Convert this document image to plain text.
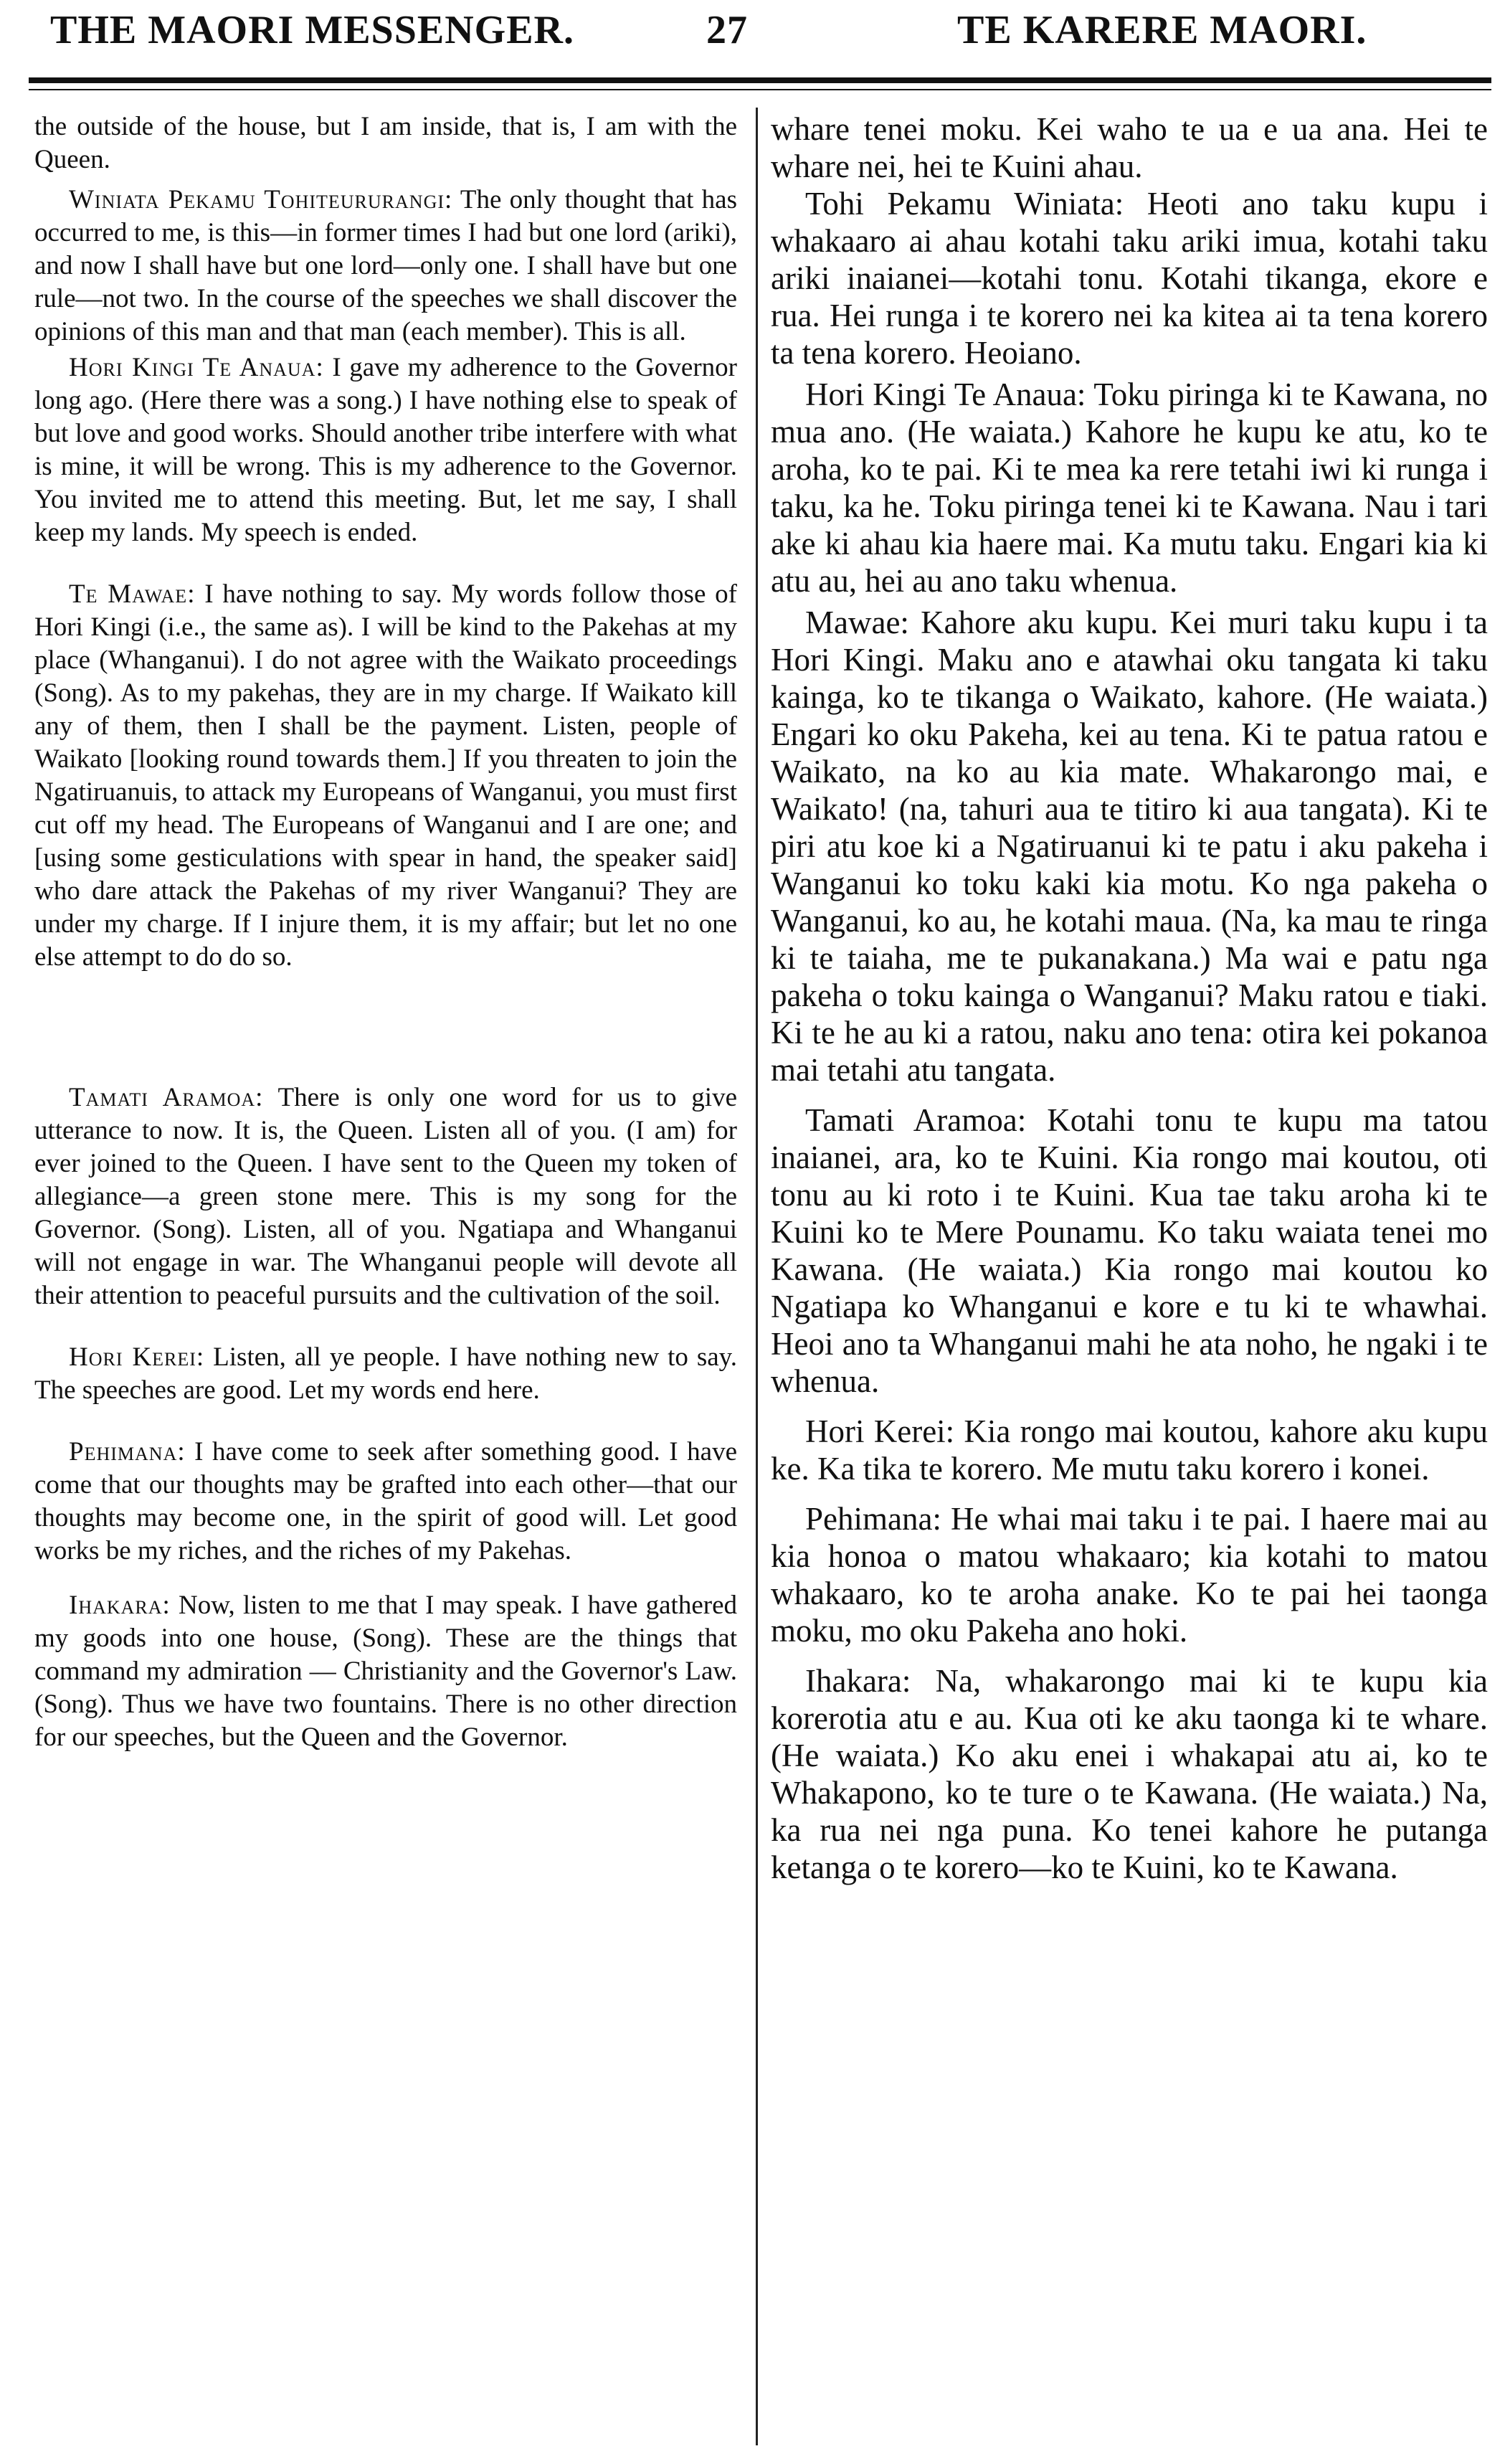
THE MAORI MESSENGER.	27	TE KARERE MAORI.

the outside of the house, but I am inside, that is, I am with the Queen.

Winiata Pekamu Tohiteururangi: The only thought that has occurred to me, is this—in former times I had but one lord (ariki), and now I shall have but one lord—only one. I shall have but one rule—not two. In the course of the speeches we shall discover the opinions of this man and that man (each member). This is all.

Hori Kingi Te Anaua: I gave my adherence to the Governor long ago. (Here there was a song.) I have nothing else to speak of but love and good works. Should another tribe interfere with what is mine, it will be wrong. This is my adherence to the Governor. You invited me to attend this meeting. But, let me say, I shall keep my lands. My speech is ended.

Te Mawae: I have nothing to say. My words follow those of Hori Kingi (i.e., the same as). I will be kind to the Pakehas at my place (Whanganui). I do not agree with the Waikato proceedings (Song). As to my pakehas, they are in my charge. If Waikato kill any of them, then I shall be the payment. Listen, people of Waikato [looking round towards them.] If you threaten to join the Ngatiruanuis, to attack my Europeans of Wanganui, you must first cut off my head. The Europeans of Wanganui and I are one; and [using some gesticulations with spear in hand, the speaker said] who dare attack the Pakehas of my river Wanganui? They are under my charge. If I injure them, it is my affair; but let no one else attempt to do do so.

Tamati Aramoa: There is only one word for us to give utterance to now. It is, the Queen. Listen all of you. (I am) for ever joined to the Queen. I have sent to the Queen my token of allegiance—a green stone mere. This is my song for the Governor. (Song). Listen, all of you. Ngatiapa and Whanganui will not engage in war. The Whanganui people will devote all their attention to peaceful pursuits and the cultivation of the soil.

Hori Kerei: Listen, all ye people. I have nothing new to say. The speeches are good. Let my words end here.

Pehimana: I have come to seek after something good. I have come that our thoughts may be grafted into each other—that our thoughts may become one, in the spirit of good will. Let good works be my riches, and the riches of my Pakehas.

Ihakara: Now, listen to me that I may speak. I have gathered my goods into one house, (Song). These are the things that command my admiration — Christianity and the Governor's Law. (Song). Thus we have two fountains. There is no other direction for our speeches, but the Queen and the Governor.

whare tenei moku. Kei waho te ua e ua ana. Hei te whare nei, hei te Kuini ahau.

Tohi Pekamu Winiata: Heoti ano taku kupu i whakaaro ai ahau kotahi taku ariki imua, kotahi taku ariki inaianei—kotahi tonu. Kotahi tikanga, ekore e rua. Hei runga i te korero nei ka kitea ai ta tena korero ta tena korero. Heoiano.

Hori Kingi Te Anaua: Toku piringa ki te Kawana, no mua ano. (He waiata.) Kahore he kupu ke atu, ko te aroha, ko te pai. Ki te mea ka rere tetahi iwi ki runga i taku, ka he. Toku piringa tenei ki te Kawana. Nau i tari ake ki ahau kia haere mai. Ka mutu taku. Engari kia ki atu au, hei au ano taku whenua.

Mawae: Kahore aku kupu. Kei muri taku kupu i ta Hori Kingi. Maku ano e atawhai oku tangata ki taku kainga, ko te tikanga o Waikato, kahore. (He waiata.) Engari ko oku Pakeha, kei au tena. Ki te patua ratou e Waikato, na ko au kia mate. Whakarongo mai, e Waikato! (na, tahuri aua te titiro ki aua tangata). Ki te piri atu koe ki a Ngatiruanui ki te patu i aku pakeha i Wanganui ko toku kaki kia motu. Ko nga pakeha o Wanganui, ko au, he kotahi maua. (Na, ka mau te ringa ki te taiaha, me te pukanakana.) Ma wai e patu nga pakeha o toku kainga o Wanganui? Maku ratou e tiaki. Ki te he au ki a ratou, naku ano tena: otira kei pokanoa mai tetahi atu tangata.

Tamati Aramoa: Kotahi tonu te kupu ma tatou inaianei, ara, ko te Kuini. Kia rongo mai koutou, oti tonu au ki roto i te Kuini. Kua tae taku aroha ki te Kuini ko te Mere Pounamu. Ko taku waiata tenei mo Kawana. (He waiata.) Kia rongo mai koutou ko Ngatiapa ko Whanganui e kore e tu ki te whawhai. Heoi ano ta Whanganui mahi he ata noho, he ngaki i te whenua.

Hori Kerei: Kia rongo mai koutou, kahore aku kupu ke. Ka tika te korero. Me mutu taku korero i konei.

Pehimana: He whai mai taku i te pai. I haere mai au kia honoa o matou whakaaro; kia kotahi to matou whakaaro, ko te aroha anake. Ko te pai hei taonga moku, mo oku Pakeha ano hoki.

Ihakara: Na, whakarongo mai ki te kupu kia korerotia atu e au. Kua oti ke aku taonga ki te whare. (He waiata.) Ko aku enei i whakapai atu ai, ko te Whakapono, ko te ture o te Kawana. (He waiata.) Na, ka rua nei nga puna. Ko tenei kahore he putanga ketanga o te korero—ko te Kuini, ko te Kawana.
